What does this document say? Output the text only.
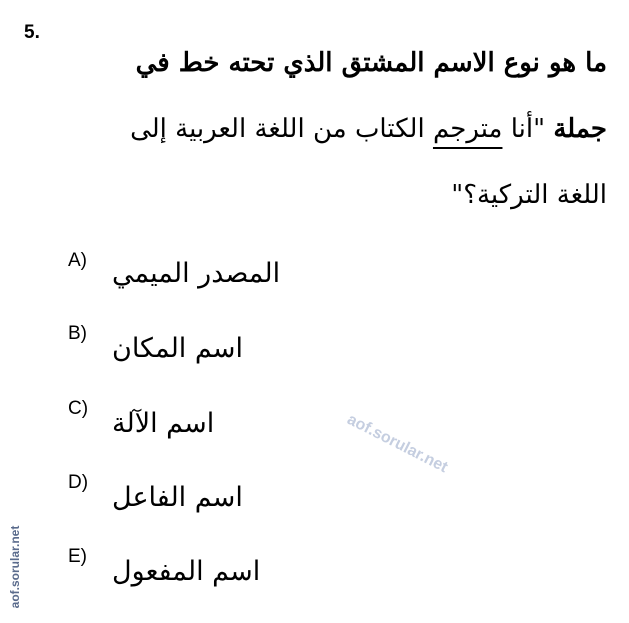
5.
ما هو نوع الاسم المشتق الذي تحته خط في جملة "أنا مترجم الكتاب من اللغة العربية إلى اللغة التركية؟"
A) المصدر الميمي
B) اسم المكان
C) اسم الآلة
D) اسم الفاعل
E) اسم المفعول
aof.sorular.net
aof.sorular.net
